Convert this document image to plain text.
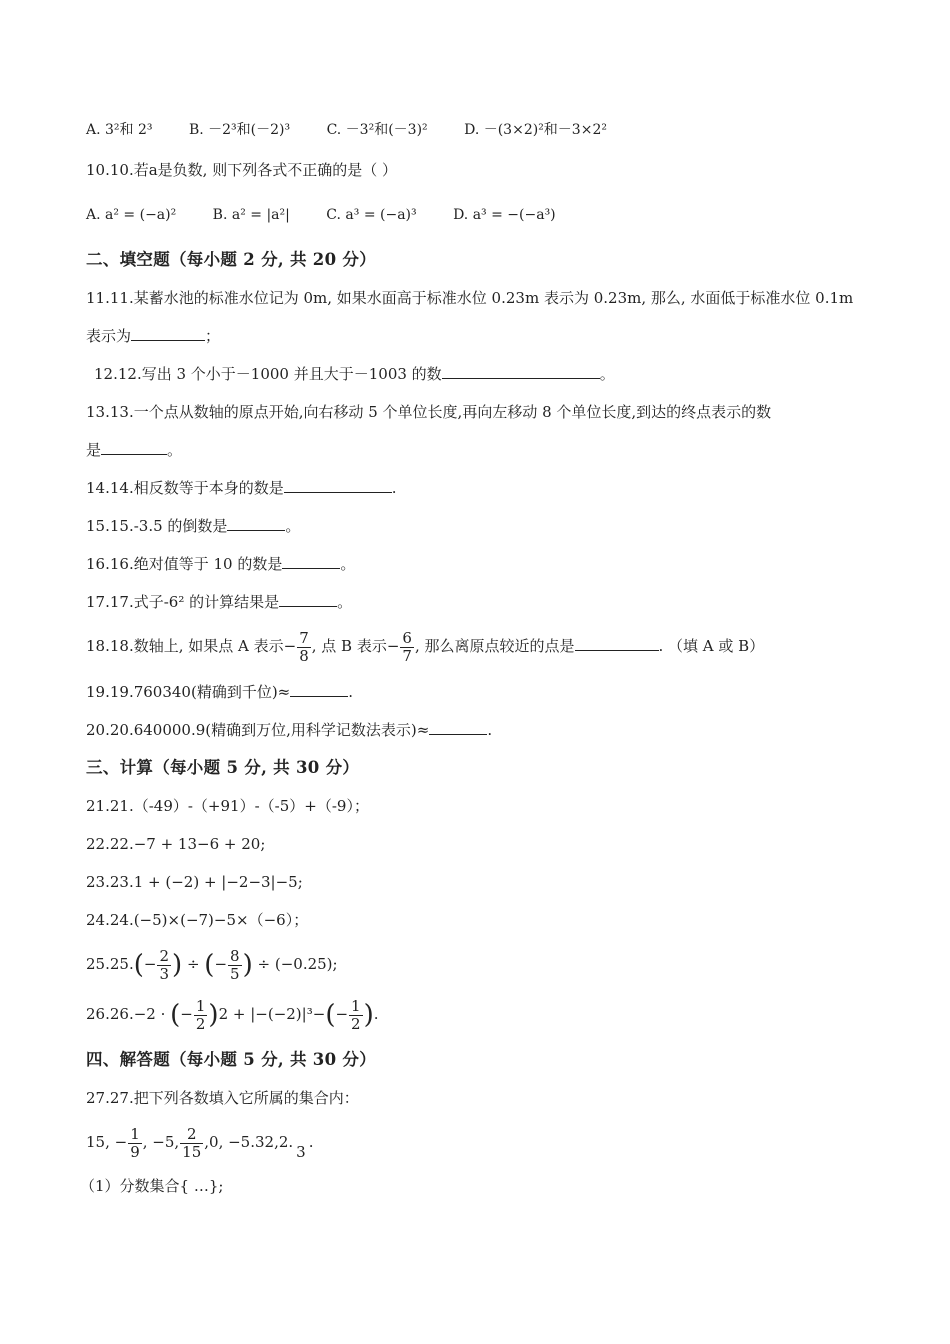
A. 3²和 2³	B. －2³和(－2)³	C. －3²和(－3)²	D. －(3×2)²和－3×2²
10.10.若a是负数, 则下列各式不正确的是（ ）
A. a² = (−a)²	B. a² = |a²|	C. a³ = (−a)³	D. a³ = −(−a³)
二、填空题（每小题 2 分, 共 20 分）
11.11.某蓄水池的标准水位记为 0m, 如果水面高于标准水位 0.23m 表示为 0.23m, 那么, 水面低于标准水位 0.1m
表示为	；
12.12.写出 3 个小于－1000 并且大于－1003 的数	。
13.13.一个点从数轴的原点开始,向右移动 5 个单位长度,再向左移动 8 个单位长度,到达的终点表示的数
是	。
14.14.相反数等于本身的数是	.
15.15.-3.5 的倒数是	。
16.16.绝对值等于 10 的数是	。
17.17.式子-6² 的计算结果是	。
18.18.数轴上, 如果点 A 表示− $\frac{7}{8}$ , 点 B 表示− $\frac{6}{7}$ , 那么离原点较近的点是	. （填 A 或 B）
19.19.760340(精确到千位)≈	.
20.20.640000.9(精确到万位,用科学记数法表示)≈	.
三、计算（每小题 5 分, 共 30 分）
21.21.（-49）-（+91）-（-5）+（-9）；
22.22.−7 + 13−6 + 20;
23.23.1 + (−2) + |−2−3|−5;
24.24.(−5)×(−7)−5×（−6）；
$25.25.(- \frac{2}{3}$ ) ÷ (− $\frac{8}{5}$ ) ÷ (−0.25);
26.26.−2 · (− $\frac{1}{2} )2 + |-(-2)|^3-(- \frac{1}{2}$ ).
四、解答题（每小题 5 分, 共 30 分）
27.27.把下列各数填入它所属的集合内：
15, − $\frac{1}{9}$ , −5, $\frac{2}{15} ,0$, −5.32,2.
3
.
（1）分数集合{ …};
